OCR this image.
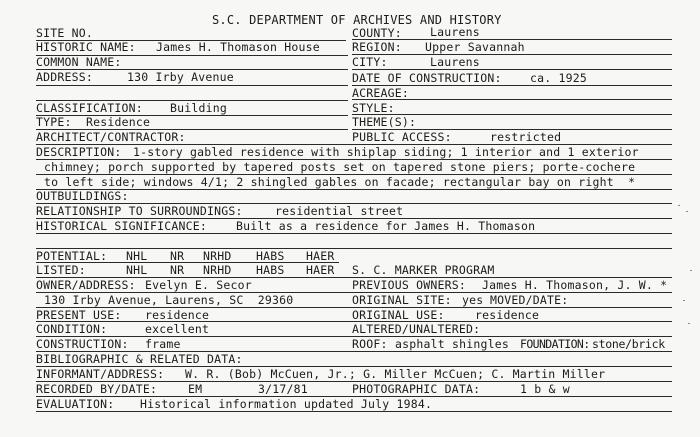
S.C. DEPARTMENT OF ARCHIVES AND HISTORY
SITE NO.	COUNTY: Laurens
HISTORIC NAME: James H. Thomason House	REGION: Upper Savannah
COMMON NAME:	CITY:	Laurens
ADDRESS:	130 Irby Avenue	DATE OF CONSTRUCTION: ca. 1925
ACREAGE:
CLASSIFICATION: Building	STYLE:
TYPE: Residence	THEME(S):
ARCHITECT/CONTRACTOR:	PUBLIC ACCESS:	restricted
DESCRIPTION: 1-story gabled residence with shiplap siding; 1 interior and 1 exterior
chimney; porch supported by tapered posts set on tapered stone piers; porte-cochere
to left side; windows 4/1; 2 shingled gables on facade; rectangular bay on right  *
OUTBUILDINGS:
RELATIONSHIP TO SURROUNDINGS:	residential street
HISTORICAL SIGNIFICANCE:	Built as a residence for James H. Thomason
POTENTIAL: NHL NR NRHD HABS HAER
LISTED:	NHL NR NRHD HABS HAER S. C. MARKER PROGRAM
OWNER/ADDRESS: Evelyn E. Secor	PREVIOUS OWNERS: James H. Thomason, J. W. *
130 Irby Avenue, Laurens, SC  29360	ORIGINAL SITE: yes MOVED/DATE:
PRESENT USE: residence	ORIGINAL USE:	residence
CONDITION:	excellent	ALTERED/UNALTERED:
CONSTRUCTION: frame	ROOF: asphalt shingles FOUNDATION: stone/brick
BIBLIOGRAPHIC & RELATED DATA:
INFORMANT/ADDRESS: W. R. (Bob) McCuen, Jr.; G. Miller McCuen; C. Martin Miller
RECORDED BY/DATE:	EM	3/17/81	PHOTOGRAPHIC DATA:	1 b & w
EVALUATION: Historical information updated July 1984.
